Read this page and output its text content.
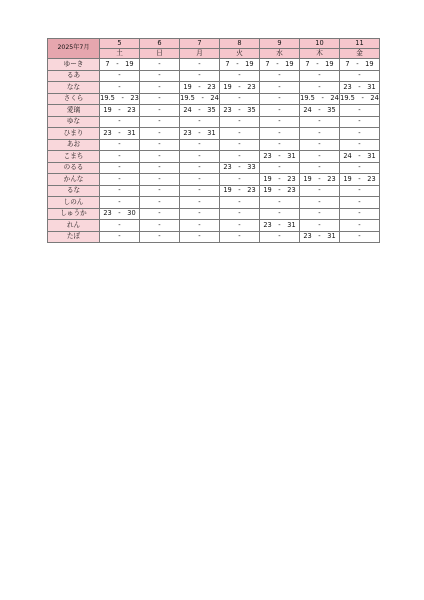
2025年7月	5	6	7	8	9	10	11
	土	日	月	火	水	木	金
ゆーき	7　-　19	-	-	7　-　19	7　-　19	7　-　19	7　-　19
るあ	-	-	-	-	-	-	-
なな	-	-	19　-　23	19　-　23	-	-	23　-　31
さくら	19.5　-　23	-	19.5　-　24	-	-	19.5　-　24	19.5　-　24
愛璃	19　-　23	-	24　-　35	23　-　35	-	24　-　35	-
ゆな	-	-	-	-	-	-	-
ひまり	23　-　31	-	23　-　31	-	-	-	-
あお	-	-	-	-	-	-	-
こまち	-	-	-	-	23　-　31	-	24　-　31
のるる	-	-	-	23　-　33	-	-	-
かんな	-	-	-	-	19　-　23	19　-　23	19　-　23
るな	-	-	-	19　-　23	19　-　23	-	-
しのん	-	-	-	-	-	-	-
しゅうか	23　-　30	-	-	-	-	-	-
れん	-	-	-	-	23　-　31	-	-
たぼ	-	-	-	-	-	23　-　31	-
